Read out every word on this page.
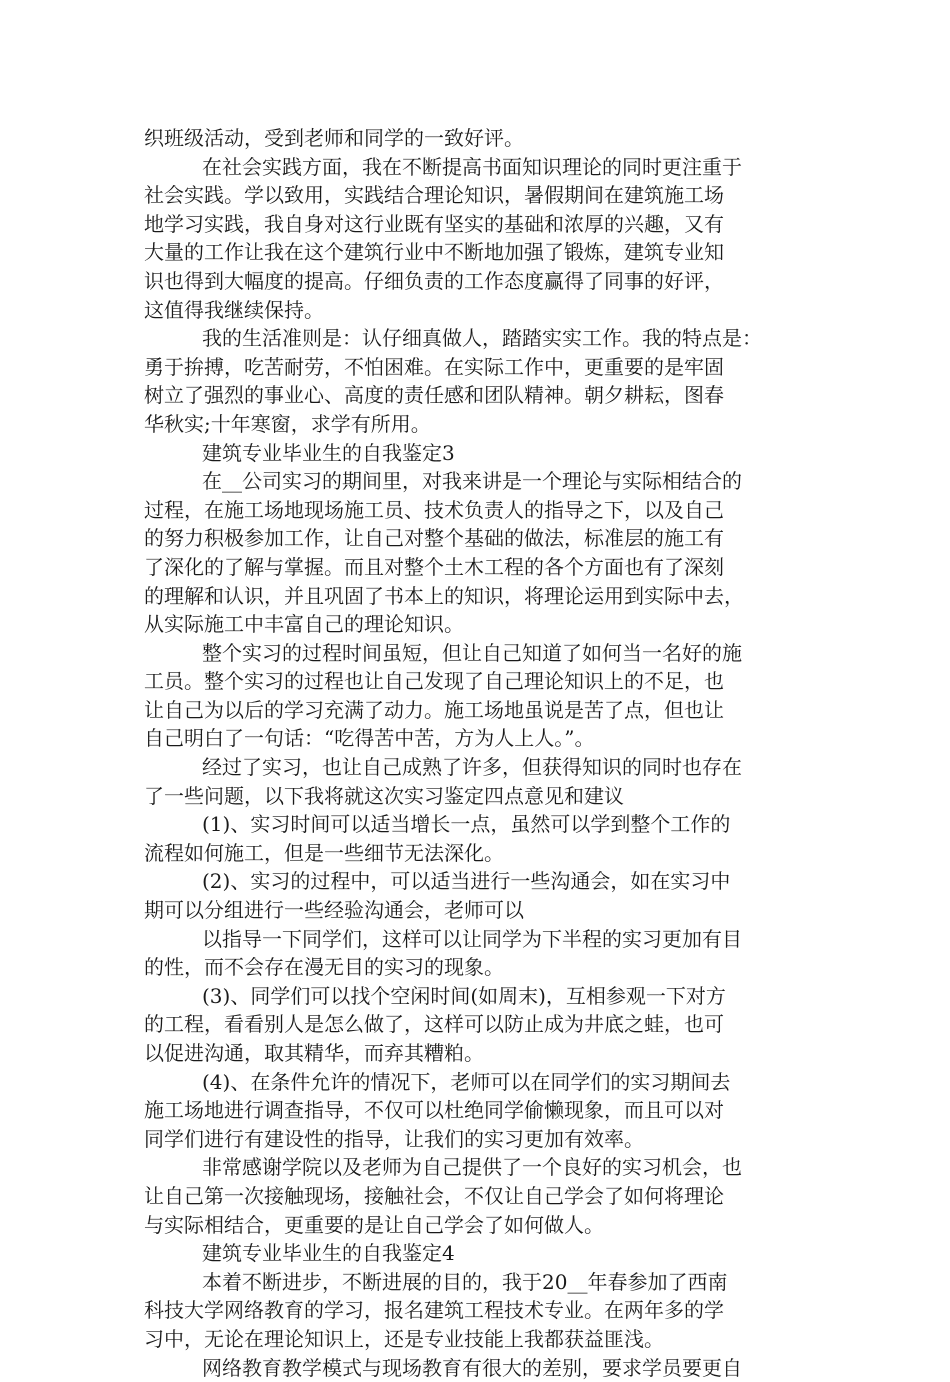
织班级活动，受到老师和同学的一致好评。
在社会实践方面，我在不断提高书面知识理论的同时更注重于
社会实践。学以致用，实践结合理论知识，暑假期间在建筑施工场
地学习实践，我自身对这行业既有坚实的基础和浓厚的兴趣，又有
大量的工作让我在这个建筑行业中不断地加强了锻炼，建筑专业知
识也得到大幅度的提高。仔细负责的工作态度赢得了同事的好评，
这值得我继续保持。
我的生活准则是：认仔细真做人，踏踏实实工作。我的特点是：
勇于拚搏，吃苦耐劳，不怕困难。在实际工作中，更重要的是牢固
树立了强烈的事业心、高度的责任感和团队精神。朝夕耕耘，图春
华秋实;十年寒窗，求学有所用。
建筑专业毕业生的自我鉴定3
在__公司实习的期间里，对我来讲是一个理论与实际相结合的
过程，在施工场地现场施工员、技术负责人的指导之下，以及自己
的努力积极参加工作，让自己对整个基础的做法，标准层的施工有
了深化的了解与掌握。而且对整个土木工程的各个方面也有了深刻
的理解和认识，并且巩固了书本上的知识，将理论运用到实际中去，
从实际施工中丰富自己的理论知识。
整个实习的过程时间虽短，但让自己知道了如何当一名好的施
工员。整个实习的过程也让自己发现了自己理论知识上的不足，也
让自己为以后的学习充满了动力。施工场地虽说是苦了点，但也让
自己明白了一句话：“吃得苦中苦，方为人上人。”。
经过了实习，也让自己成熟了许多，但获得知识的同时也存在
了一些问题，以下我将就这次实习鉴定四点意见和建议
(1)、实习时间可以适当增长一点，虽然可以学到整个工作的
流程如何施工，但是一些细节无法深化。
(2)、实习的过程中，可以适当进行一些沟通会，如在实习中
期可以分组进行一些经验沟通会，老师可以
以指导一下同学们，这样可以让同学为下半程的实习更加有目
的性，而不会存在漫无目的实习的现象。
(3)、同学们可以找个空闲时间(如周末)，互相参观一下对方
的工程，看看别人是怎么做了，这样可以防止成为井底之蛙，也可
以促进沟通，取其精华，而弃其糟粕。
(4)、在条件允许的情况下，老师可以在同学们的实习期间去
施工场地进行调查指导，不仅可以杜绝同学偷懒现象，而且可以对
同学们进行有建设性的指导，让我们的实习更加有效率。
非常感谢学院以及老师为自己提供了一个良好的实习机会，也
让自己第一次接触现场，接触社会，不仅让自己学会了如何将理论
与实际相结合，更重要的是让自己学会了如何做人。
建筑专业毕业生的自我鉴定4
本着不断进步，不断进展的目的，我于20__年春参加了西南
科技大学网络教育的学习，报名建筑工程技术专业。在两年多的学
习中，无论在理论知识上，还是专业技能上我都获益匪浅。
网络教育教学模式与现场教育有很大的差别，要求学员要更自
